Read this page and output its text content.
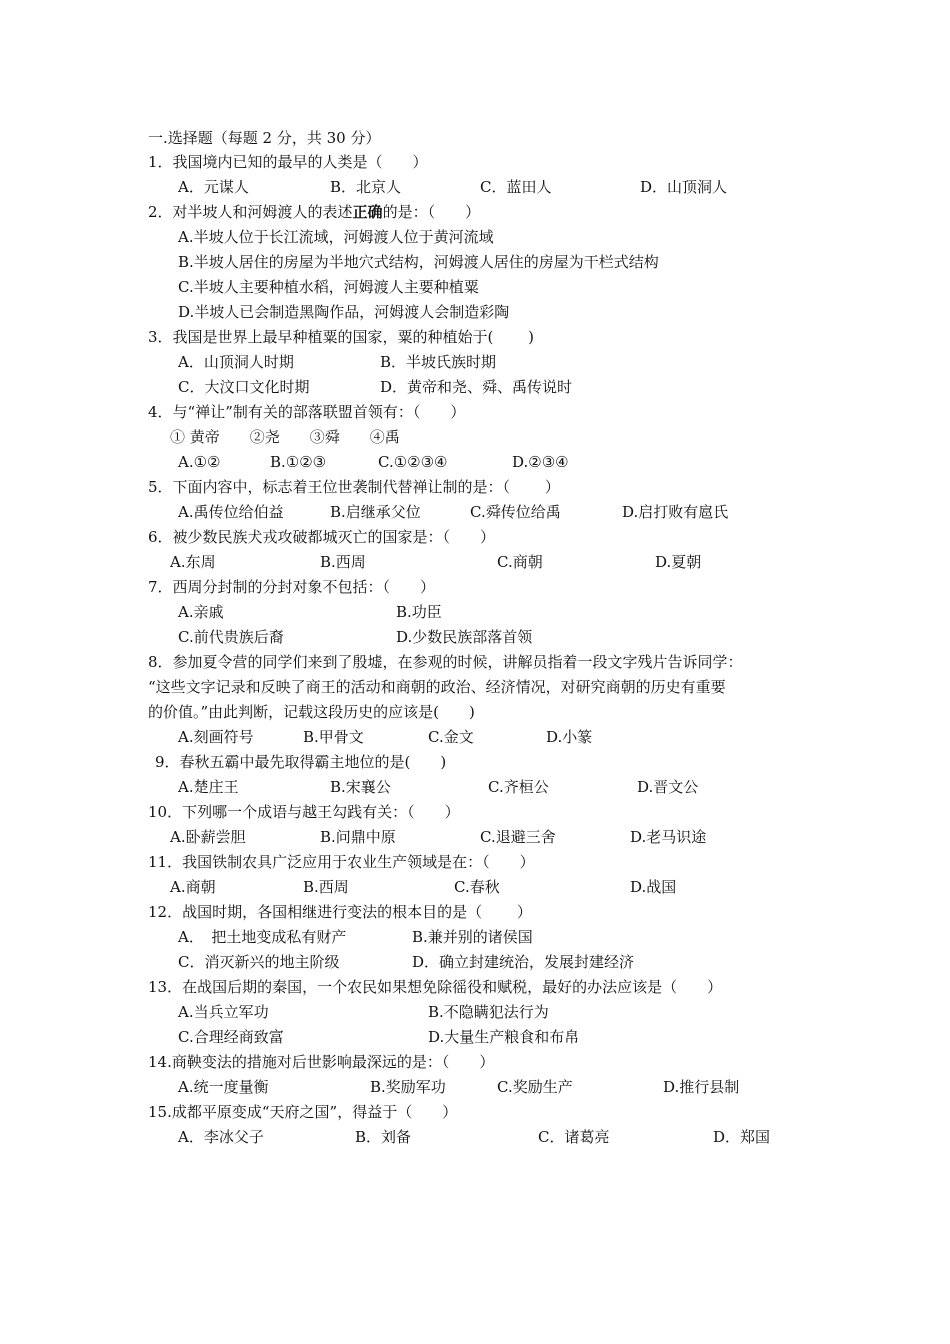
一.选择题（每题 2 分，共 30 分）
1．我国境内已知的最早的人类是（　　）
A．元谋人	B．北京人	C．蓝田人	D．山顶洞人
2．对半坡人和河姆渡人的表述正确的是：（　　）
A.半坡人位于长江流域，河姆渡人位于黄河流域
B.半坡人居住的房屋为半地穴式结构，河姆渡人居住的房屋为干栏式结构
C.半坡人主要种植水稻，河姆渡人主要种植粟
D.半坡人已会制造黑陶作品，河姆渡人会制造彩陶
3．我国是世界上最早种植粟的国家，粟的种植始于(　　 )
A．山顶洞人时期	B．半坡氏族时期
C．大汶口文化时期	D．黄帝和尧、舜、禹传说时
4．与“禅让”制有关的部落联盟首领有：（　　）
① 黄帝　　②尧　　③舜　　④禹
A.①②	B.①②③	C.①②③④	D.②③④
5．下面内容中，标志着王位世袭制代替禅让制的是：（　　 ）
A.禹传位给伯益	B.启继承父位	C.舜传位给禹	D.启打败有扈氏
6．被少数民族犬戎攻破都城灭亡的国家是：（　　）
A.东周	B.西周	C.商朝	D.夏朝
7．西周分封制的分封对象不包括：（　　）
A.亲戚	B.功臣
C.前代贵族后裔	D.少数民族部落首领
8．参加夏令营的同学们来到了殷墟，在参观的时候，讲解员指着一段文字残片告诉同学：
“这些文字记录和反映了商王的活动和商朝的政治、经济情况，对研究商朝的历史有重要
的价值。”由此判断，记载这段历史的应该是(　　)
A.刻画符号	B.甲骨文	C.金文	D.小篆
9．春秋五霸中最先取得霸主地位的是(　　)
A.楚庄王	B.宋襄公	C.齐桓公	D.晋文公
10．下列哪一个成语与越王勾践有关：（　　）
A.卧薪尝胆	B.问鼎中原	C.退避三舍	D.老马识途
11．我国铁制农具广泛应用于农业生产领域是在：（　　）
A.商朝	B.西周	C.春秋	D.战国
12．战国时期，各国相继进行变法的根本目的是（　　 ）
A．　把土地变成私有财产	B.兼并别的诸侯国
C．消灭新兴的地主阶级	D．确立封建统治，发展封建经济
13．在战国后期的秦国，一个农民如果想免除徭役和赋税，最好的办法应该是（　　）
A.当兵立军功	B.不隐瞒犯法行为
C.合理经商致富	D.大量生产粮食和布帛
14.商鞅变法的措施对后世影响最深远的是：（　　）
A.统一度量衡	B.奖励军功	C.奖励生产	D.推行县制
15.成都平原变成“天府之国”，得益于（　　）
A．李冰父子	B．刘备	C．诸葛亮	D．郑国
